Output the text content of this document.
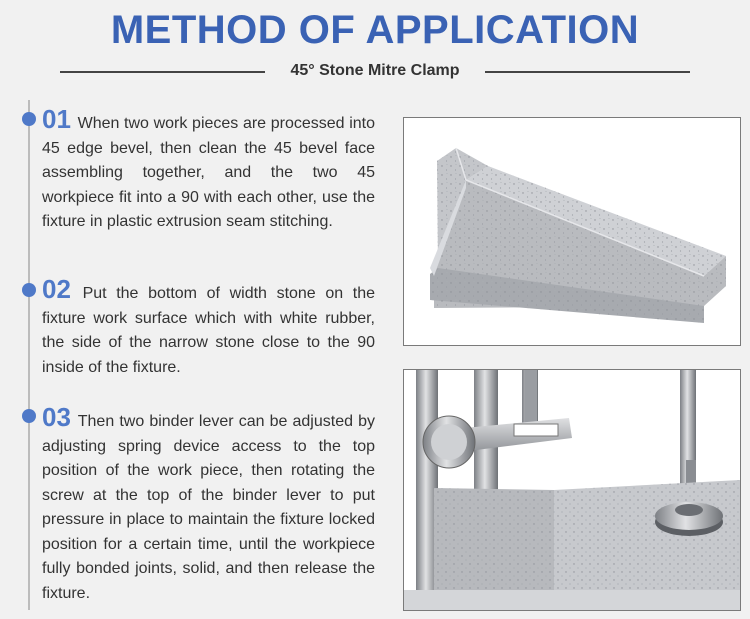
METHOD OF APPLICATION
45° Stone Mitre Clamp
01 When two work pieces are processed into 45 edge bevel, then clean the 45 bevel face assembling together, and the two 45 workpiece fit into a 90 with each other, use the fixture in plastic extrusion seam stitching.
02 Put the bottom of width stone on the fixture work surface which with white rubber, the side of the narrow stone close to the 90 inside of the fixture.
03 Then two binder lever can be adjusted by adjusting spring device access to the top position of the work piece, then rotating the screw at the top of the binder lever to put pressure in place to maintain the fixture locked position for a certain time, until the workpiece fully bonded joints, solid, and then release the fixture.
